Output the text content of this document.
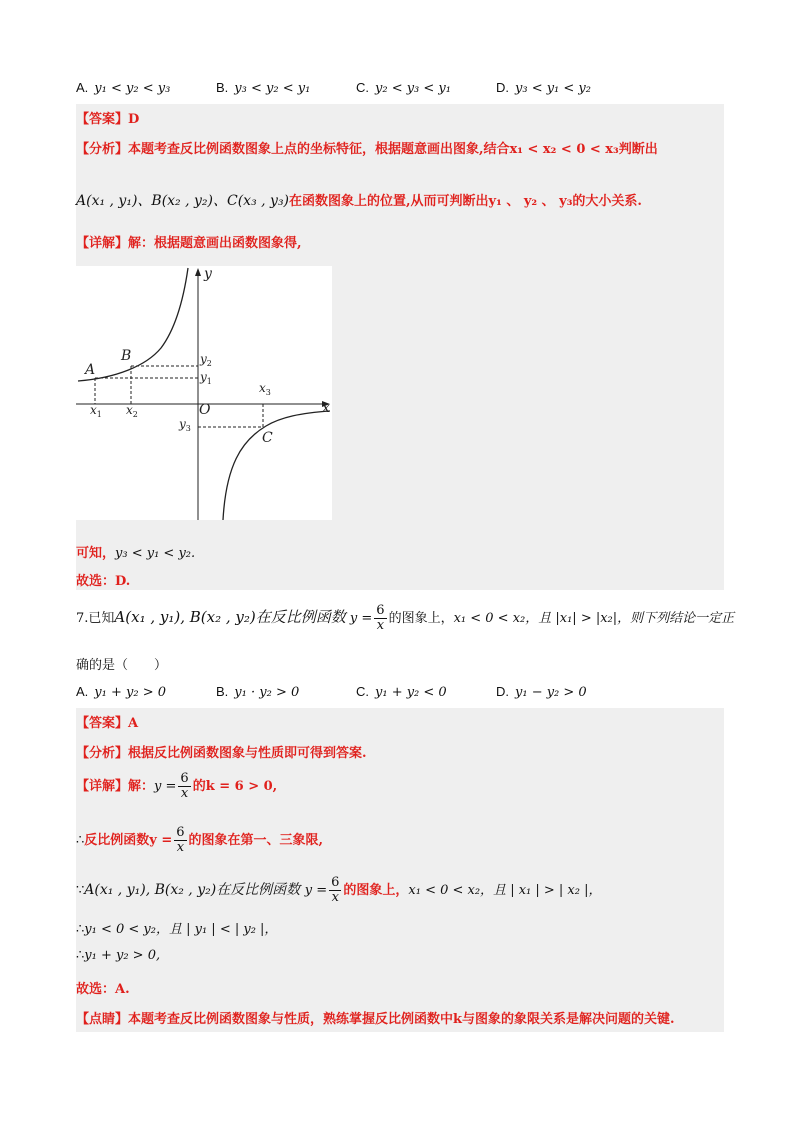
A. y₁ < y₂ < y₃	B. y₃ < y₂ < y₁	C. y₂ < y₃ < y₁	D. y₃ < y₁ < y₂
【答案】D
【分析】本题考查反比例函数图象上点的坐标特征，根据题意画出图象,结合x₁ < x₂ < 0 < x₃判断出
A(x₁ , y₁)、B(x₂ , y₂)、C(x₃ , y₃)在函数图象上的位置,从而可判断出y₁ 、 y₂ 、 y₃的大小关系.
【详解】解：根据题意画出函数图象得,
y
x
O
A
B
C
$x_1$ $x_2$
$x_3$
$y_2$
$y_1$
$y_3$
可知，y₃ < y₁ < y₂.
故选：D.
7.已知A(x₁ , y₁), B(x₂ , y₂)在反比例函数 $y = \frac{6}{x}$ 的图象上，x₁ < 0 < x₂，且 |x₁| > |x₂|，则下列结论一定正
确的是（　　）
A. y₁ + y₂ > 0	B. y₁ · y₂ > 0	C. y₁ + y₂ < 0	D. y₁ − y₂ > 0
【答案】A
【分析】根据反比例函数图象与性质即可得到答案.
【详解】解：$y = \frac{6}{x}$ 的k = 6 > 0,
∴反比例函数$y = \frac{6}{x}$ 的图象在第一、三象限,
∵A(x₁ , y₁), B(x₂ , y₂)在反比例函数 $y = \frac{6}{x}$ 的图象上，x₁ < 0 < x₂，且 | x₁ | > | x₂ |，
∴y₁ < 0 < y₂，且 | y₁ | < | y₂ |，
∴y₁ + y₂ > 0,
故选：A.
【点睛】本题考查反比例函数图象与性质，熟练掌握反比例函数中k与图象的象限关系是解决问题的关键.
